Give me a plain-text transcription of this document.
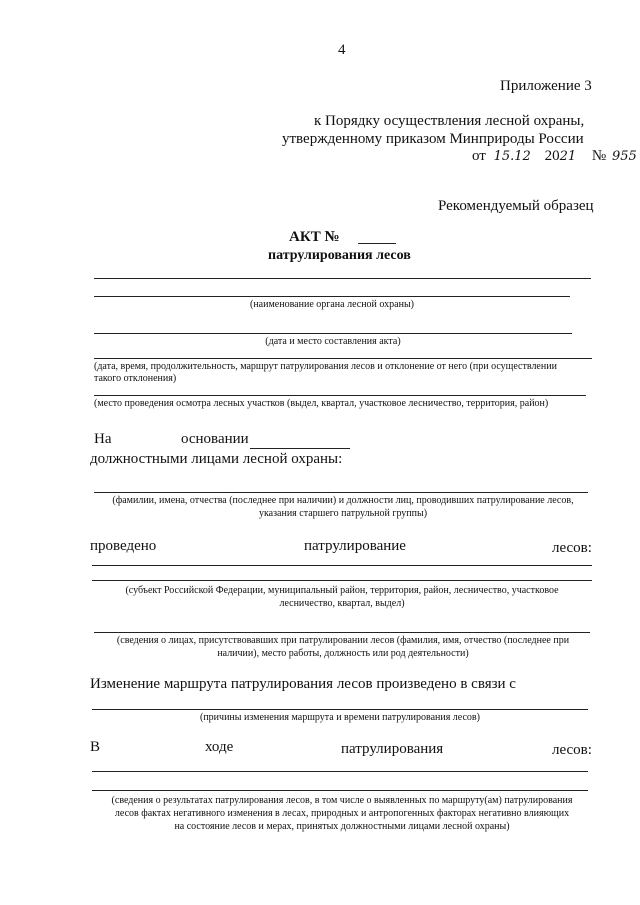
4
Приложение 3
к Порядку осуществления лесной охраны,
утвержденному приказом Минприроды России
от 15.12 2021 № 955
Рекомендуемый образец
АКТ №
патрулирования лесов
(наименование органа лесной охраны)
(дата и место составления акта)
(дата, время, продолжительность, маршрут патрулирования лесов и отклонение от него (при осуществлении
такого отклонения)
(место проведения осмотра лесных участков (выдел, квартал, участковое лесничество, территория, район)
На	основании
должностными лицами лесной охраны:
(фамилии, имена, отчества (последнее при наличии) и должности лиц, проводивших патрулирование лесов,
указания старшего патрульной группы)
проведено	патрулирование	лесов:
(субъект Российской Федерации, муниципальный район, территория, район, лесничество, участковое
лесничество, квартал, выдел)
(сведения о лицах, присутствовавших при патрулировании лесов (фамилия, имя, отчество (последнее при
наличии), место работы, должность или род деятельности)
Изменение маршрута патрулирования лесов произведено в связи с
(причины изменения маршрута и времени патрулирования лесов)
В	ходе	патрулирования	лесов:
(сведения о результатах патрулирования лесов, в том числе о выявленных по маршруту(ам) патрулирования
лесов фактах негативного изменения в лесах, природных и антропогенных факторах негативно влияющих
на состояние лесов и мерах, принятых должностными лицами лесной охраны)
